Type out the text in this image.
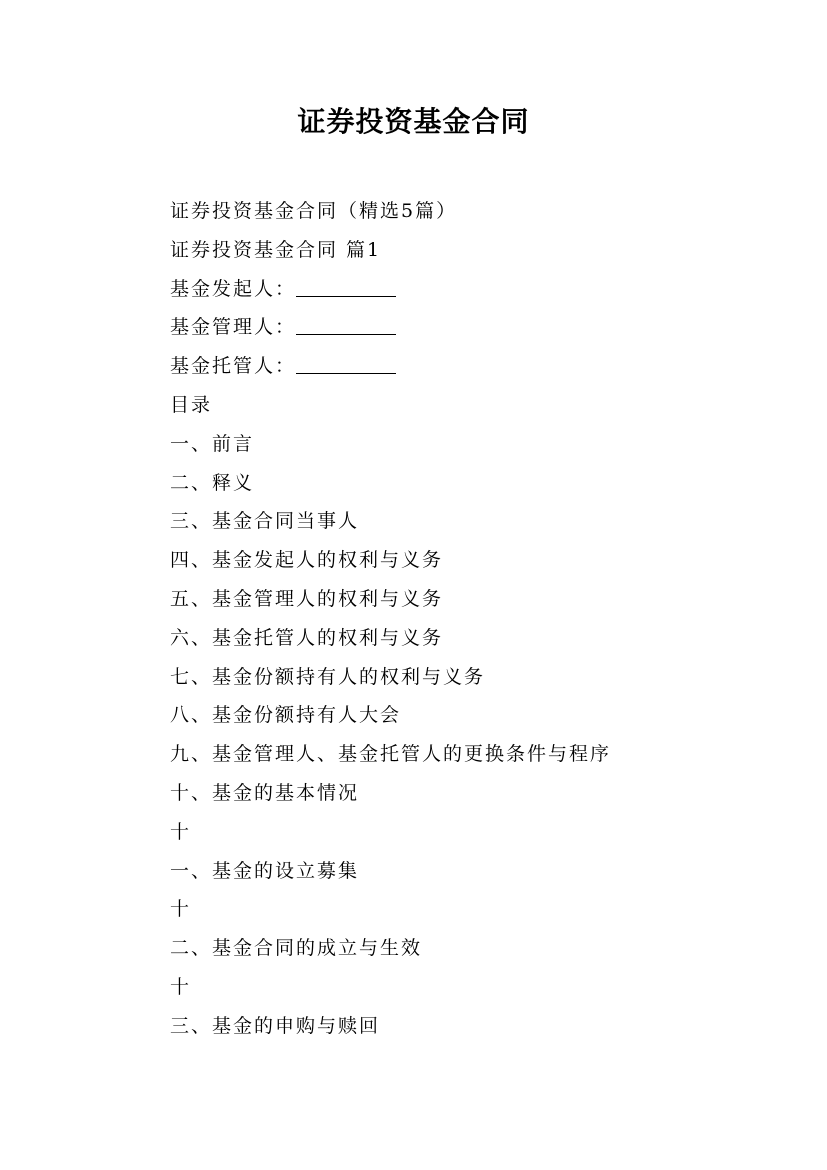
证券投资基金合同
证券投资基金合同（精选5篇）
证券投资基金合同 篇1
基金发起人：
基金管理人：
基金托管人：
目录
一、前言
二、释义
三、基金合同当事人
四、基金发起人的权利与义务
五、基金管理人的权利与义务
六、基金托管人的权利与义务
七、基金份额持有人的权利与义务
八、基金份额持有人大会
九、基金管理人、基金托管人的更换条件与程序
十、基金的基本情况
十
一、基金的设立募集
十
二、基金合同的成立与生效
十
三、基金的申购与赎回
